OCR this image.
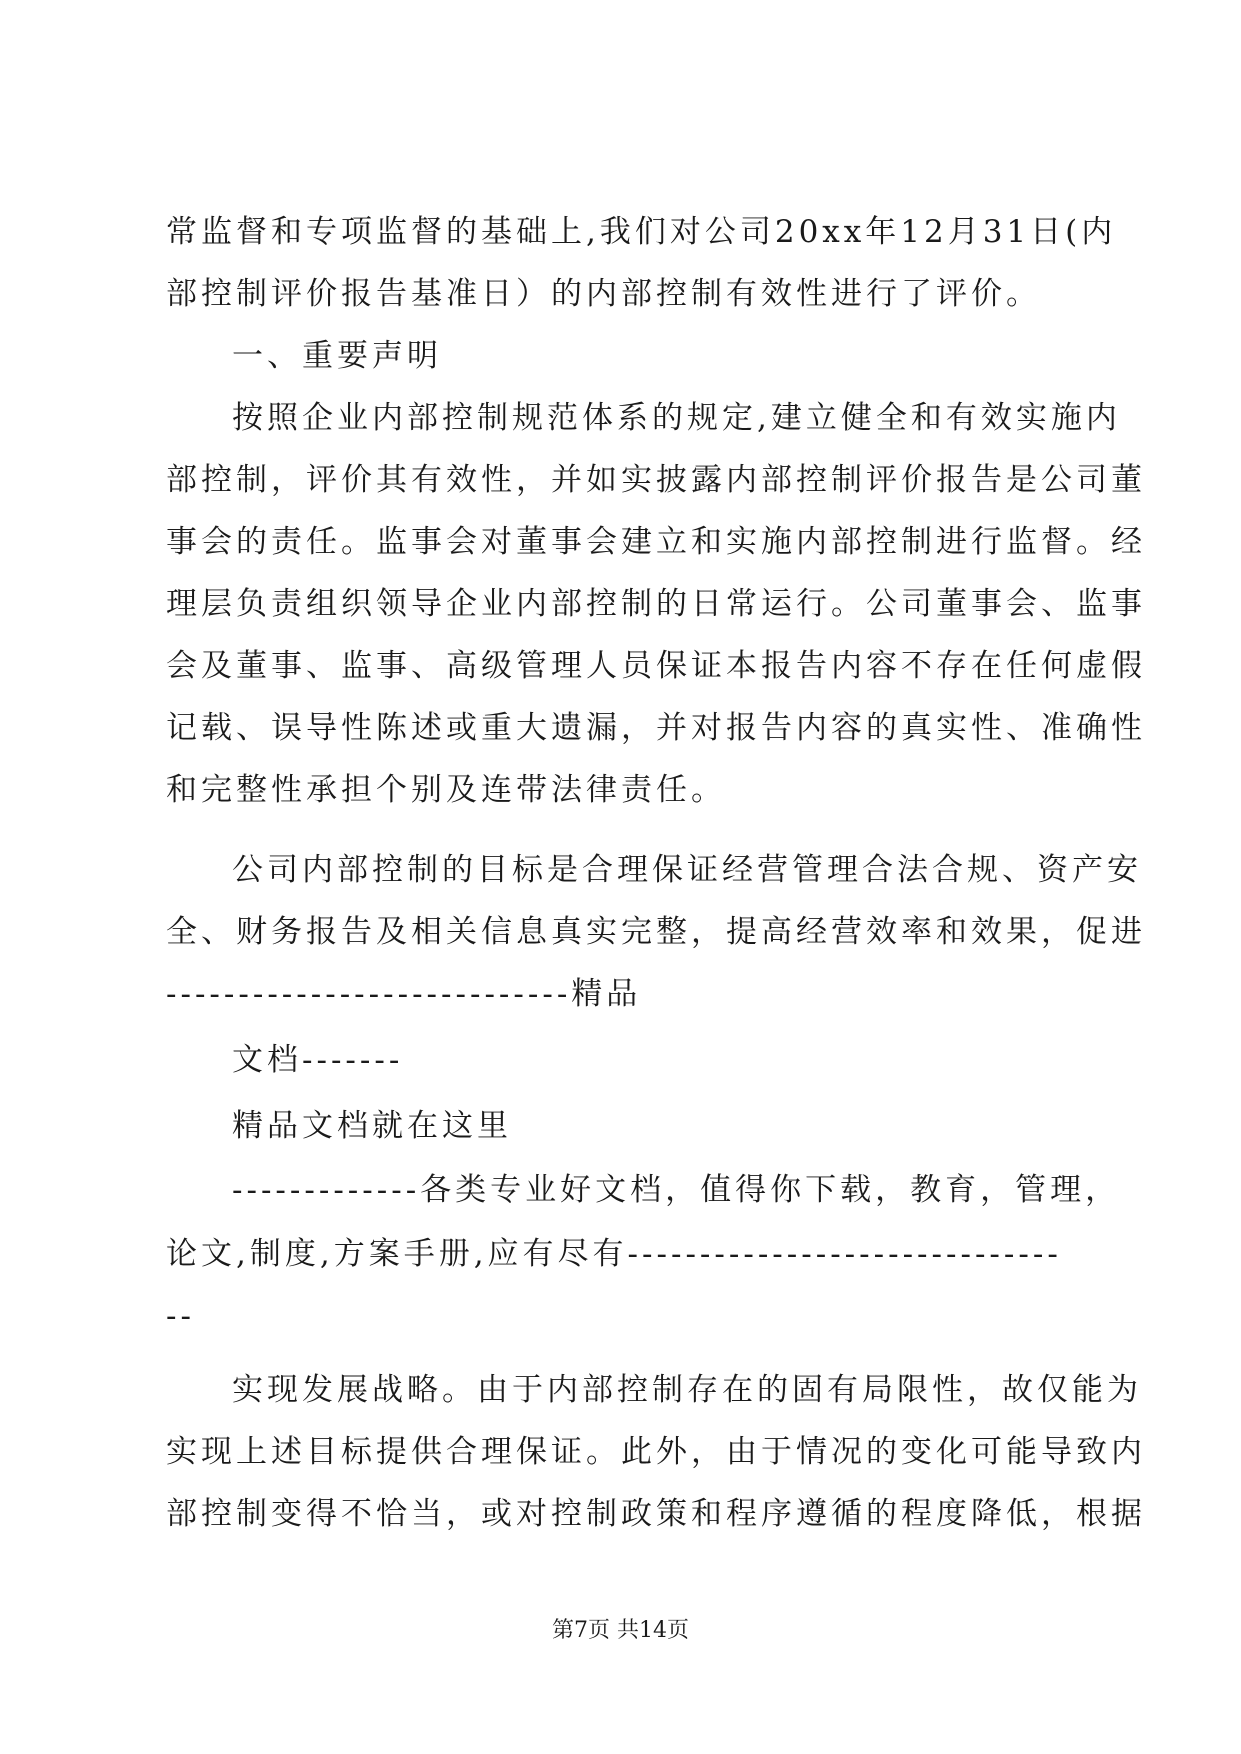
常监督和专项监督的基础上,我们对公司20xx年12月31日(内
部控制评价报告基准日）的内部控制有效性进行了评价。
一、重要声明
按照企业内部控制规范体系的规定,建立健全和有效实施内
部控制，评价其有效性，并如实披露内部控制评价报告是公司董
事会的责任。监事会对董事会建立和实施内部控制进行监督。经
理层负责组织领导企业内部控制的日常运行。公司董事会、监事
会及董事、监事、高级管理人员保证本报告内容不存在任何虚假
记载、误导性陈述或重大遗漏，并对报告内容的真实性、准确性
和完整性承担个别及连带法律责任。
公司内部控制的目标是合理保证经营管理合法合规、资产安
全、财务报告及相关信息真实完整，提高经营效率和效果，促进
----------------------------精品
文档-------
精品文档就在这里
-------------各类专业好文档，值得你下载，教育，管理，
论文,制度,方案手册,应有尽有------------------------------
--
实现发展战略。由于内部控制存在的固有局限性，故仅能为
实现上述目标提供合理保证。此外，由于情况的变化可能导致内
部控制变得不恰当，或对控制政策和程序遵循的程度降低，根据
第7页 共14页
